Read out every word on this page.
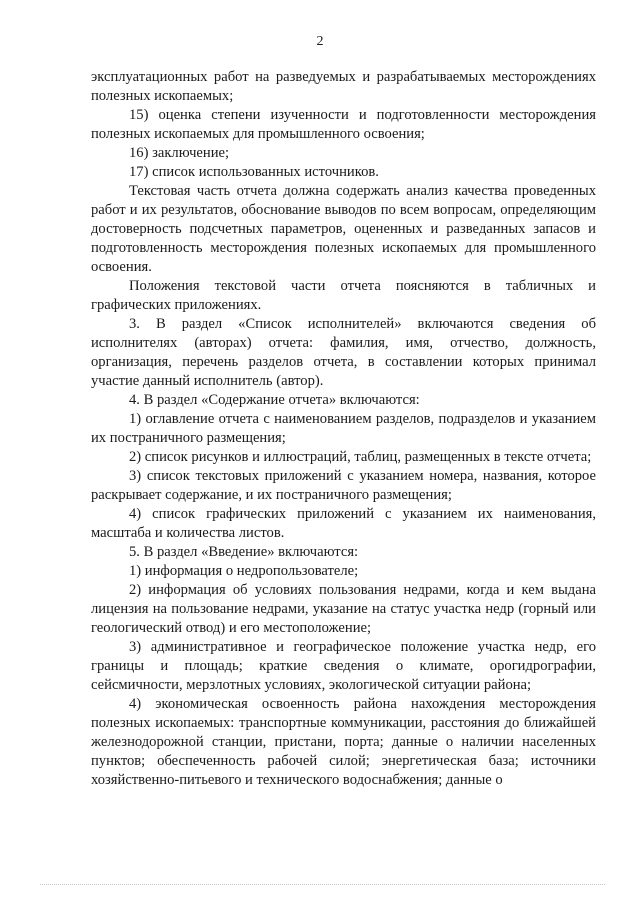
2

эксплуатационных работ на разведуемых и разрабатываемых месторождениях полезных ископаемых;

15) оценка степени изученности и подготовленности месторождения полезных ископаемых для промышленного освоения;

16) заключение;

17) список использованных источников.

Текстовая часть отчета должна содержать анализ качества проведенных работ и их результатов, обоснование выводов по всем вопросам, определяющим достоверность подсчетных параметров, оцененных и разведанных запасов и подготовленность месторождения полезных ископаемых для промышленного освоения.

Положения текстовой части отчета поясняются в табличных и графических приложениях.

3. В раздел «Список исполнителей» включаются сведения об исполнителях (авторах) отчета: фамилия, имя, отчество, должность, организация, перечень разделов отчета, в составлении которых принимал участие данный исполнитель (автор).

4. В раздел «Содержание отчета» включаются:

1) оглавление отчета с наименованием разделов, подразделов и указанием их постраничного размещения;

2) список рисунков и иллюстраций, таблиц, размещенных в тексте отчета;

3) список текстовых приложений с указанием номера, названия, которое раскрывает содержание, и их постраничного размещения;

4) список графических приложений с указанием их наименования, масштаба и количества листов.

5. В раздел «Введение» включаются:

1) информация о недропользователе;

2) информация об условиях пользования недрами, когда и кем выдана лицензия на пользование недрами, указание на статус участка недр (горный или геологический отвод) и его местоположение;

3) административное и географическое положение участка недр, его границы и площадь; краткие сведения о климате, орогидрографии, сейсмичности, мерзлотных условиях, экологической ситуации района;

4) экономическая освоенность района нахождения месторождения полезных ископаемых: транспортные коммуникации, расстояния до ближайшей железнодорожной станции, пристани, порта; данные о наличии населенных пунктов; обеспеченность рабочей силой; энергетическая база; источники хозяйственно-питьевого и технического водоснабжения; данные о
